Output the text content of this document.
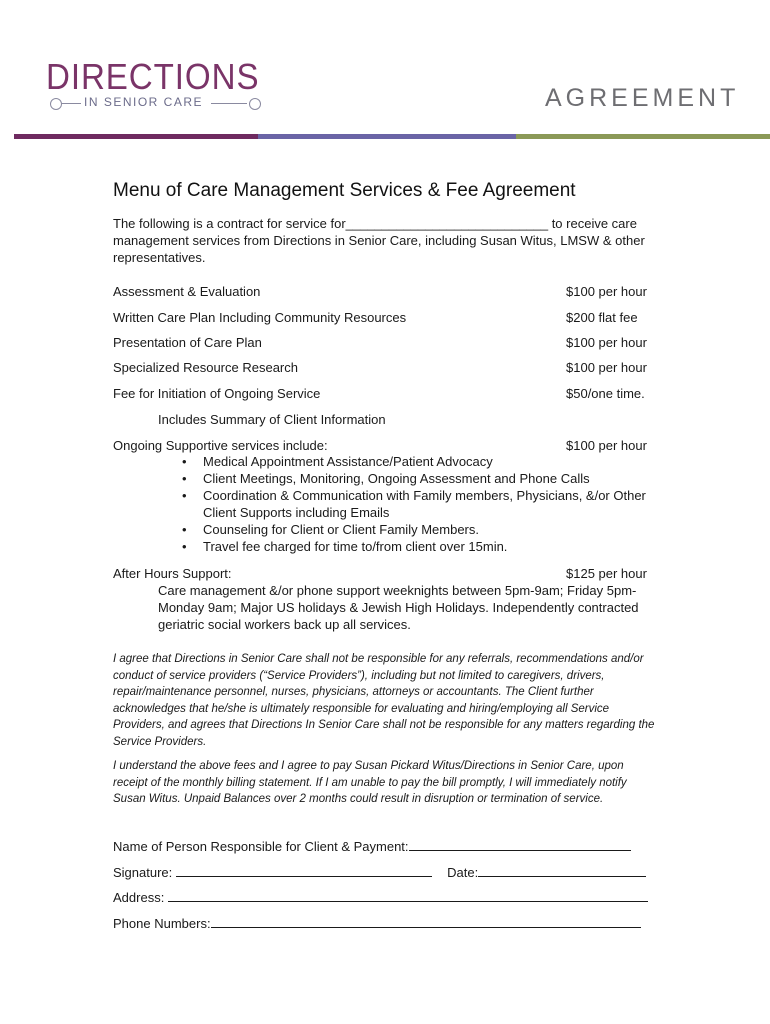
DIRECTIONS
IN SENIOR CARE	AGREEMENT
Menu of Care Management Services & Fee Agreement
The following is a contract for service for____________________________ to receive care management services from Directions in Senior Care, including Susan Witus, LMSW & other representatives.
Assessment & Evaluation	$100 per hour
Written Care Plan Including Community Resources	$200 flat fee
Presentation of Care Plan	$100 per hour
Specialized Resource Research	$100 per hour
Fee for Initiation of Ongoing Service	$50/one time.
Includes Summary of Client Information
Ongoing Supportive services include:	$100 per hour
• Medical Appointment Assistance/Patient Advocacy
• Client Meetings, Monitoring, Ongoing Assessment and Phone Calls
• Coordination & Communication with Family members, Physicians, &/or Other Client Supports including Emails
• Counseling for Client or Client Family Members.
• Travel fee charged for time to/from client over 15min.
After Hours Support:	$125 per hour
Care management &/or phone support weeknights between 5pm-9am; Friday 5pm-Monday 9am; Major US holidays & Jewish High Holidays. Independently contracted geriatric social workers back up all services.
I agree that Directions in Senior Care shall not be responsible for any referrals, recommendations and/or conduct of service providers (“Service Providers”), including but not limited to caregivers, drivers, repair/maintenance personnel, nurses, physicians, attorneys or accountants. The Client further acknowledges that he/she is ultimately responsible for evaluating and hiring/employing all Service Providers, and agrees that Directions In Senior Care shall not be responsible for any matters regarding the Service Providers.
I understand the above fees and I agree to pay Susan Pickard Witus/Directions in Senior Care, upon receipt of the monthly billing statement. If I am unable to pay the bill promptly, I will immediately notify Susan Witus. Unpaid Balances over 2 months could result in disruption or termination of service.
Name of Person Responsible for Client & Payment:
Signature:	Date:
Address:
Phone Numbers:
